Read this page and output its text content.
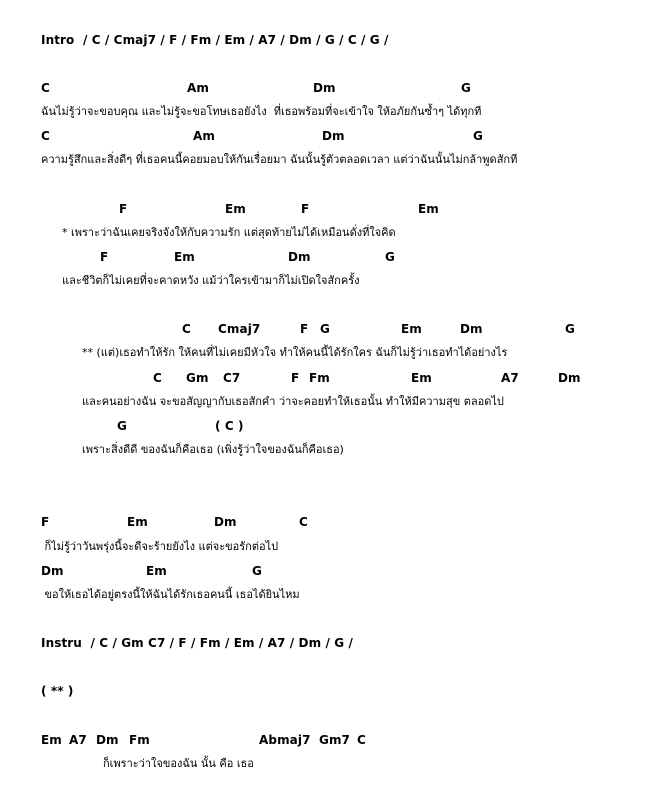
Intro  / C / Cmaj7 / F / Fm / Em / A7 / Dm / G / C / G /
C	Am	Dm	G
ฉันไม่รู้ว่าจะขอบคุณ และไม่รู้จะขอโทษเธอยังไง  ที่เธอพร้อมที่จะเข้าใจ ให้อภัยกันซ้ำๆ ได้ทุกที
C	Am	Dm	G
ความรู้สึกและสิ่งดีๆ ที่เธอคนนี้คอยมอบให้กันเรื่อยมา ฉันนั้นรู้ตัวตลอดเวลา แต่ว่าฉันนั้นไม่กล้าพูดสักที
F	Em	F	Em
* เพราะว่าฉันเคยจริงจังให้กับความรัก แต่สุดท้ายไม่ได้เหมือนดั่งที่ใจคิด
F	Em	Dm	G
และชีวิตก็ไม่เคยที่จะคาดหวัง แม้ว่าใครเข้ามาก็ไม่เปิดใจสักครั้ง
C Cmaj7	F G	Em	Dm	G
** (แต่)เธอทำให้รัก ให้คนที่ไม่เคยมีหัวใจ ทำให้คนนี้ได้รักใคร ฉันก็ไม่รู้ว่าเธอทำได้อย่างไร
C Gm C7	F Fm	Em	A7	Dm
และคนอย่างฉัน จะขอสัญญากับเธอสักคำ ว่าจะคอยทำให้เธอนั้น ทำให้มีความสุข ตลอดไป
G	( C )
เพราะสิ่งดีดี ของฉันก็คือเธอ (เพิ่งรู้ว่าใจของฉันก็คือเธอ)
F	Em	Dm	C
ก็ไม่รู้ว่าวันพรุ่งนี้จะดีจะร้ายยังไง แต่จะขอรักต่อไป
Dm	Em	G
ขอให้เธอได้อยู่ตรงนี้ให้ฉันได้รักเธอคนนี้ เธอได้ยินไหม
Instru  / C / Gm C7 / F / Fm / Em / A7 / Dm / G /
( ** )
Em A7 Dm Fm	Abmaj7 Gm7 C
ก็เพราะว่าใจของฉัน นั้น คือ เธอ
